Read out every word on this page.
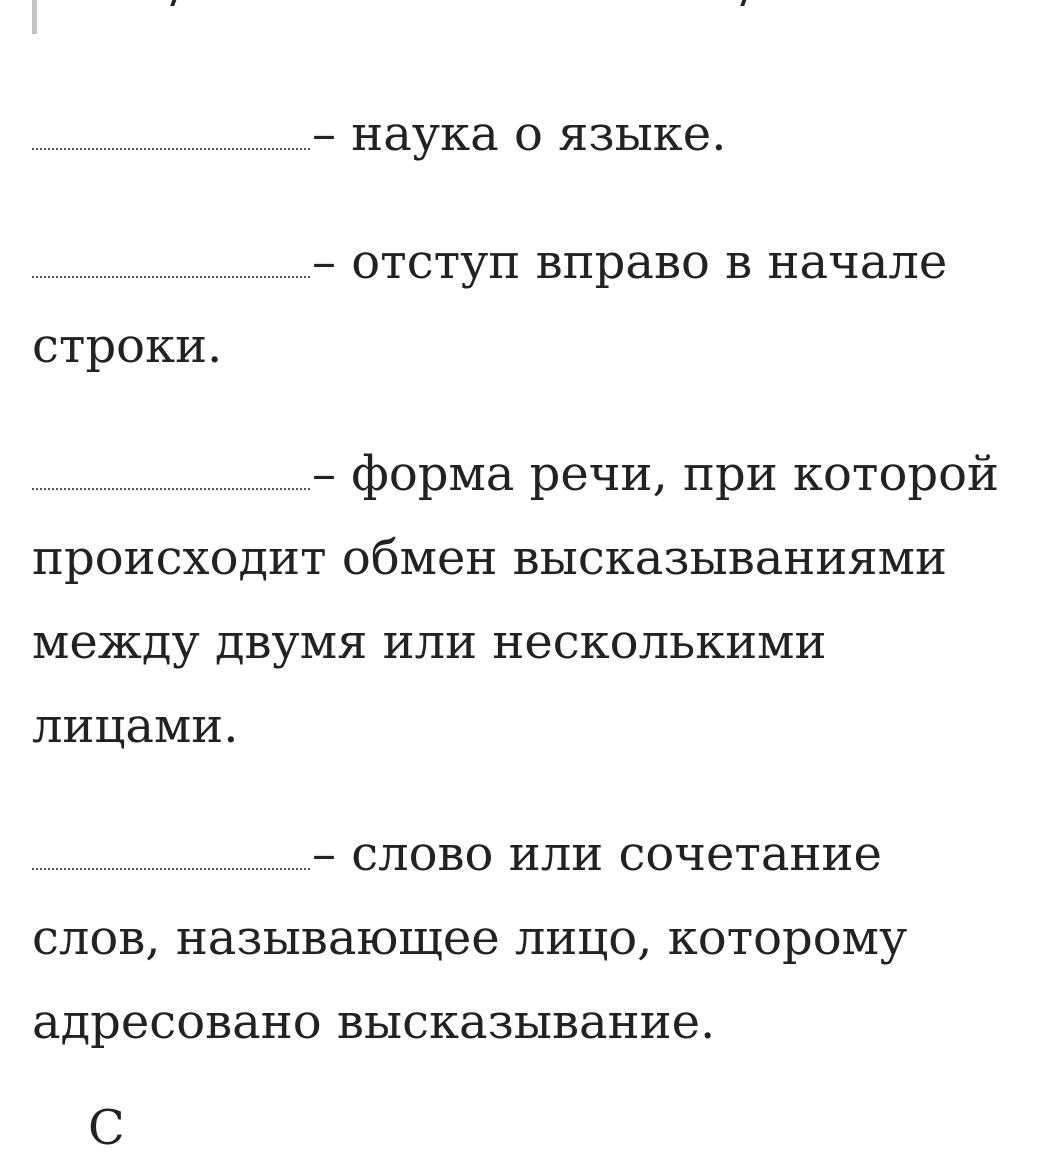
– наука о языке.
– отступ вправо в начале строки.
– форма речи, при которой происходит обмен высказываниями между двумя или несколькими лицами.
– слово или сочетание слов, называющее лицо, которому адресовано высказывание.
С
